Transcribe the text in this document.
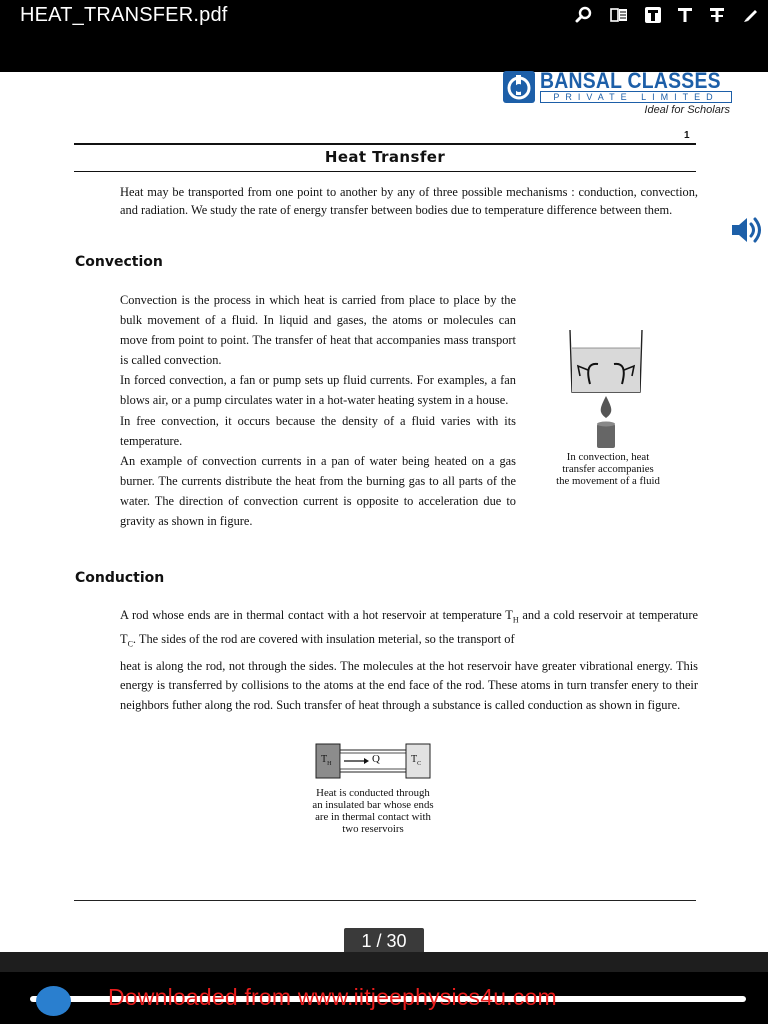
HEAT_TRANSFER.pdf
BANSAL CLASSES
PRIVATE LIMITED
Ideal for Scholars
1
Heat Transfer
Heat may be transported from one point to another by any of three possible mechanisms : conduction, convection, and radiation. We study the rate of energy transfer between bodies due to temperature difference between them.
Convection

Convection is the process in which heat is carried from place to place by the bulk movement of a fluid. In liquid and gases, the atoms or molecules can move from point to point. The transfer of heat that accompanies mass transport is called convection.

In forced convection, a fan or pump sets up fluid currents. For examples, a fan blows air, or a pump circulates water in a hot-water heating system in a house.

In free convection, it occurs because the density of a fluid varies with its temperature.

An example of convection currents in a pan of water being heated on a gas burner. The currents distribute the heat from the burning gas to all parts of the water. The direction of convection current is opposite to acceleration due to gravity as shown in figure.

In convection, heat
transfer accompanies
the movement of a fluid
Conduction

A rod whose ends are in thermal contact with a hot reservoir at temperature $T_H$ and a cold reservoir at temperature $T_C$. The sides of the rod are covered with insulation meterial, so the transport of

heat is along the rod, not through the sides. The molecules at the hot reservoir have greater vibrational energy. This energy is transferred by collisions to the atoms at the end face of the rod. These atoms in turn transfer enery to their neighbors futher along the rod. Such transfer of heat through a substance is called conduction as shown in figure.

$T_H$	Q	$T_C$
Heat is conducted through
an insulated bar whose ends
are in thermal contact with
two reservoirs
1 / 30
Downloaded from www.iitjeephysics4u.com
